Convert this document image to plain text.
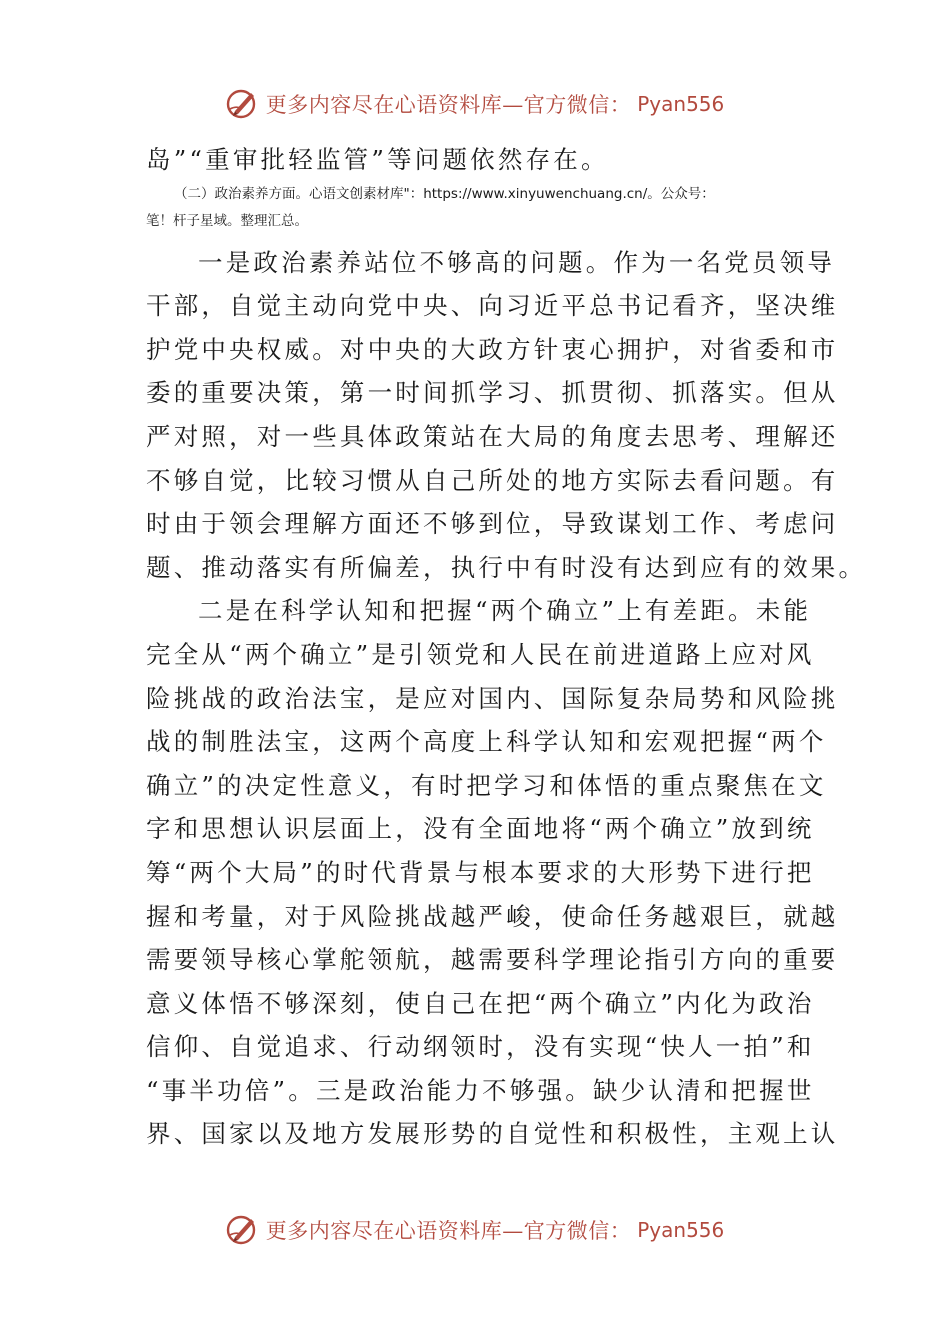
更多内容尽在心语资料库—官方微信： Pyan556
岛”“重审批轻监管”等问题依然存在。
（二）政治素养方面。心语文创素材库"：https://www.xinyuwenchuang.cn/。公众号：
笔！杆子星域。整理汇总。
一是政治素养站位不够高的问题。作为一名党员领导
干部，自觉主动向党中央、向习近平总书记看齐，坚决维
护党中央权威。对中央的大政方针衷心拥护，对省委和市
委的重要决策，第一时间抓学习、抓贯彻、抓落实。但从
严对照，对一些具体政策站在大局的角度去思考、理解还
不够自觉，比较习惯从自己所处的地方实际去看问题。有
时由于领会理解方面还不够到位，导致谋划工作、考虑问
题、推动落实有所偏差，执行中有时没有达到应有的效果。
二是在科学认知和把握“两个确立”上有差距。未能
完全从“两个确立”是引领党和人民在前进道路上应对风
险挑战的政治法宝，是应对国内、国际复杂局势和风险挑
战的制胜法宝，这两个高度上科学认知和宏观把握“两个
确立”的决定性意义，有时把学习和体悟的重点聚焦在文
字和思想认识层面上，没有全面地将“两个确立”放到统
筹“两个大局”的时代背景与根本要求的大形势下进行把
握和考量，对于风险挑战越严峻，使命任务越艰巨，就越
需要领导核心掌舵领航，越需要科学理论指引方向的重要
意义体悟不够深刻，使自己在把“两个确立”内化为政治
信仰、自觉追求、行动纲领时，没有实现“快人一拍”和
“事半功倍”。三是政治能力不够强。缺少认清和把握世
界、国家以及地方发展形势的自觉性和积极性，主观上认
更多内容尽在心语资料库—官方微信： Pyan556
